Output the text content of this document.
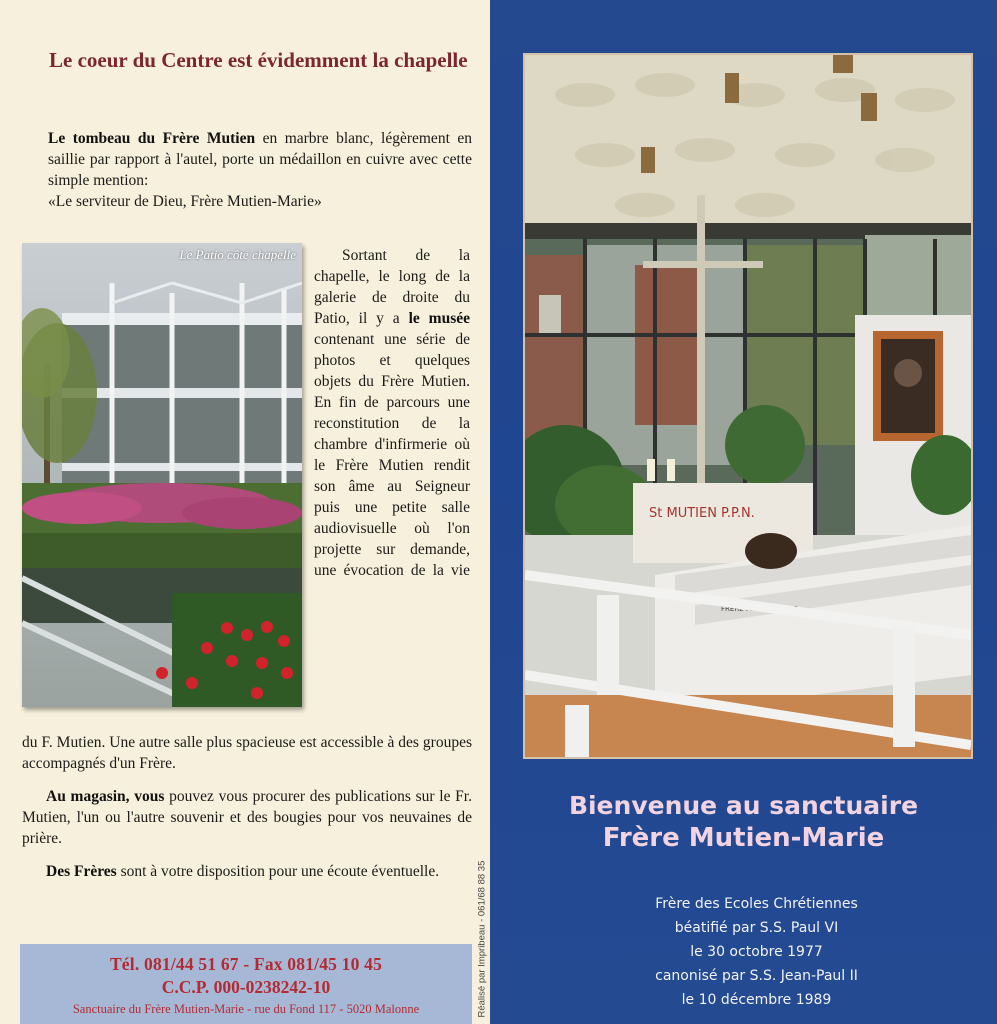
Le coeur du Centre est évidemment la chapelle

Le tombeau du Frère Mutien en marbre blanc, légèrement en saillie par rapport à l'autel, porte un médaillon en cuivre avec cette simple mention:

«Le serviteur de Dieu, Frère Mutien-Marie»

Le Patio côté chapelle	Sortant de la chapelle, le long de la galerie de droite du Patio, il y a le musée contenant une série de photos et quelques objets du Frère Mutien. En fin de parcours une reconstitution de la chambre d'infirmerie où le Frère Mutien rendit son âme au Seigneur puis une petite salle audiovisuelle où l'on projette sur demande, une évocation de la vie

du F. Mutien. Une autre salle plus spacieuse est accessible à des groupes accompagnés d'un Frère.

Au magasin, vous pouvez vous procurer des publications sur le Fr. Mutien, l'un ou l'autre souvenir et des bougies pour vos neuvaines de prière.

Des Frères sont à votre disposition pour une écoute éventuelle.

Tél. 081/44 51 67 - Fax 081/45 10 45
C.C.P. 000-0238242-10
Sanctuaire du Frère Mutien-Marie - rue du Fond 117 - 5020 Malonne	Réalisé par Impribeau - 061/68 88 35
St MUTIEN P.P.N.
FRÈRE MUTIEN-MARIE
Bienvenue au sanctuaire
Frère Mutien-Marie
Frère des Ecoles Chrétiennes
béatifié par S.S. Paul VI
le 30 octobre 1977
canonisé par S.S. Jean-Paul II
le 10 décembre 1989
